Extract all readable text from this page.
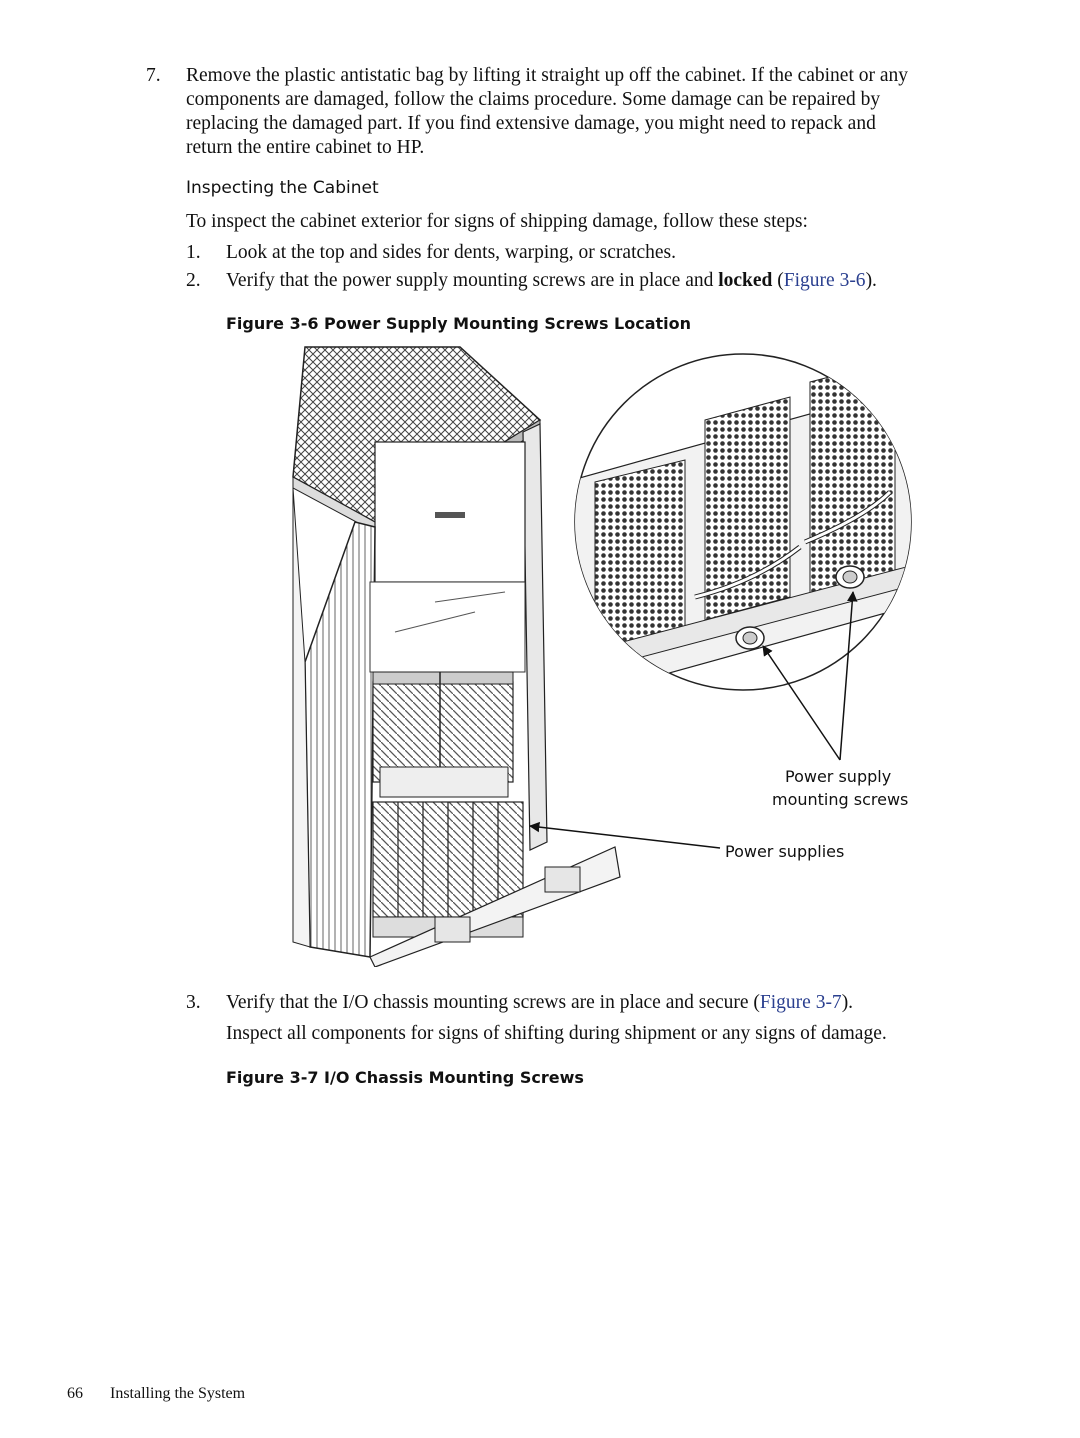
7. Remove the plastic antistatic bag by lifting it straight up off the cabinet. If the cabinet or any
components are damaged, follow the claims procedure. Some damage can be repaired by
replacing the damaged part. If you find extensive damage, you might need to repack and
return the entire cabinet to HP.
Inspecting the Cabinet
To inspect the cabinet exterior for signs of shipping damage, follow these steps:
1. Look at the top and sides for dents, warping, or scratches.
2. Verify that the power supply mounting screws are in place and locked (Figure 3-6).
Figure 3-6 Power Supply Mounting Screws Location
Power supply
mounting screws
Power supplies
3. Verify that the I/O chassis mounting screws are in place and secure (Figure 3-7).
Inspect all components for signs of shifting during shipment or any signs of damage.
Figure 3-7 I/O Chassis Mounting Screws
66 Installing the System
